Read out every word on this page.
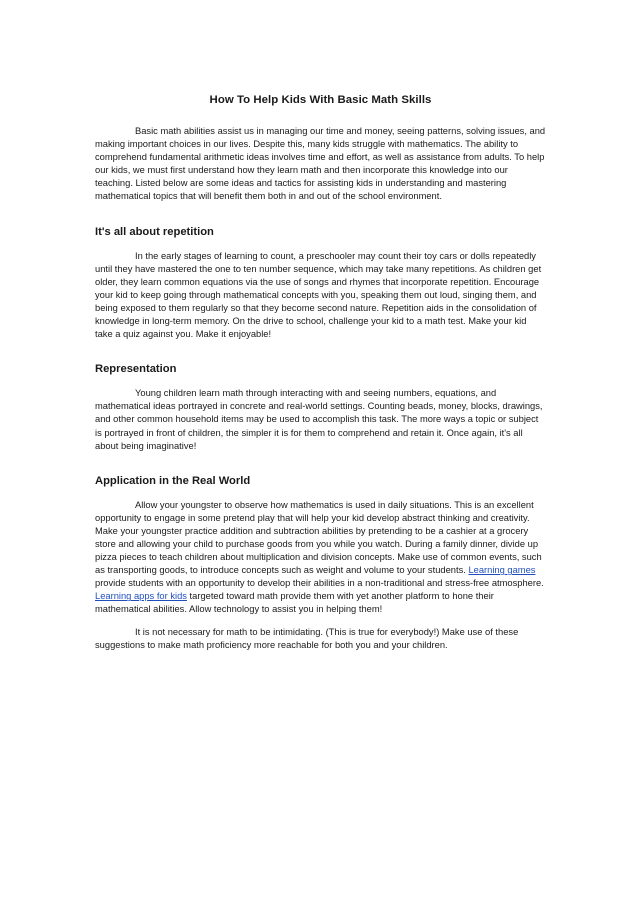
How To Help Kids With Basic Math Skills

Basic math abilities assist us in managing our time and money, seeing patterns, solving issues, and making important choices in our lives. Despite this, many kids struggle with mathematics. The ability to comprehend fundamental arithmetic ideas involves time and effort, as well as assistance from adults. To help our kids, we must first understand how they learn math and then incorporate this knowledge into our teaching. Listed below are some ideas and tactics for assisting kids in understanding and mastering mathematical topics that will benefit them both in and out of the school environment.

It's all about repetition

In the early stages of learning to count, a preschooler may count their toy cars or dolls repeatedly until they have mastered the one to ten number sequence, which may take many repetitions. As children get older, they learn common equations via the use of songs and rhymes that incorporate repetition. Encourage your kid to keep going through mathematical concepts with you, speaking them out loud, singing them, and being exposed to them regularly so that they become second nature. Repetition aids in the consolidation of knowledge in long-term memory. On the drive to school, challenge your kid to a math test. Make your kid take a quiz against you. Make it enjoyable!

Representation

Young children learn math through interacting with and seeing numbers, equations, and mathematical ideas portrayed in concrete and real-world settings. Counting beads, money, blocks, drawings, and other common household items may be used to accomplish this task. The more ways a topic or subject is portrayed in front of children, the simpler it is for them to comprehend and retain it. Once again, it's all about being imaginative!

Application in the Real World

Allow your youngster to observe how mathematics is used in daily situations. This is an excellent opportunity to engage in some pretend play that will help your kid develop abstract thinking and creativity. Make your youngster practice addition and subtraction abilities by pretending to be a cashier at a grocery store and allowing your child to purchase goods from you while you watch. During a family dinner, divide up pizza pieces to teach children about multiplication and division concepts. Make use of common events, such as transporting goods, to introduce concepts such as weight and volume to your students. Learning games provide students with an opportunity to develop their abilities in a non-traditional and stress-free atmosphere. Learning apps for kids targeted toward math provide them with yet another platform to hone their mathematical abilities. Allow technology to assist you in helping them!

It is not necessary for math to be intimidating. (This is true for everybody!) Make use of these suggestions to make math proficiency more reachable for both you and your children.
